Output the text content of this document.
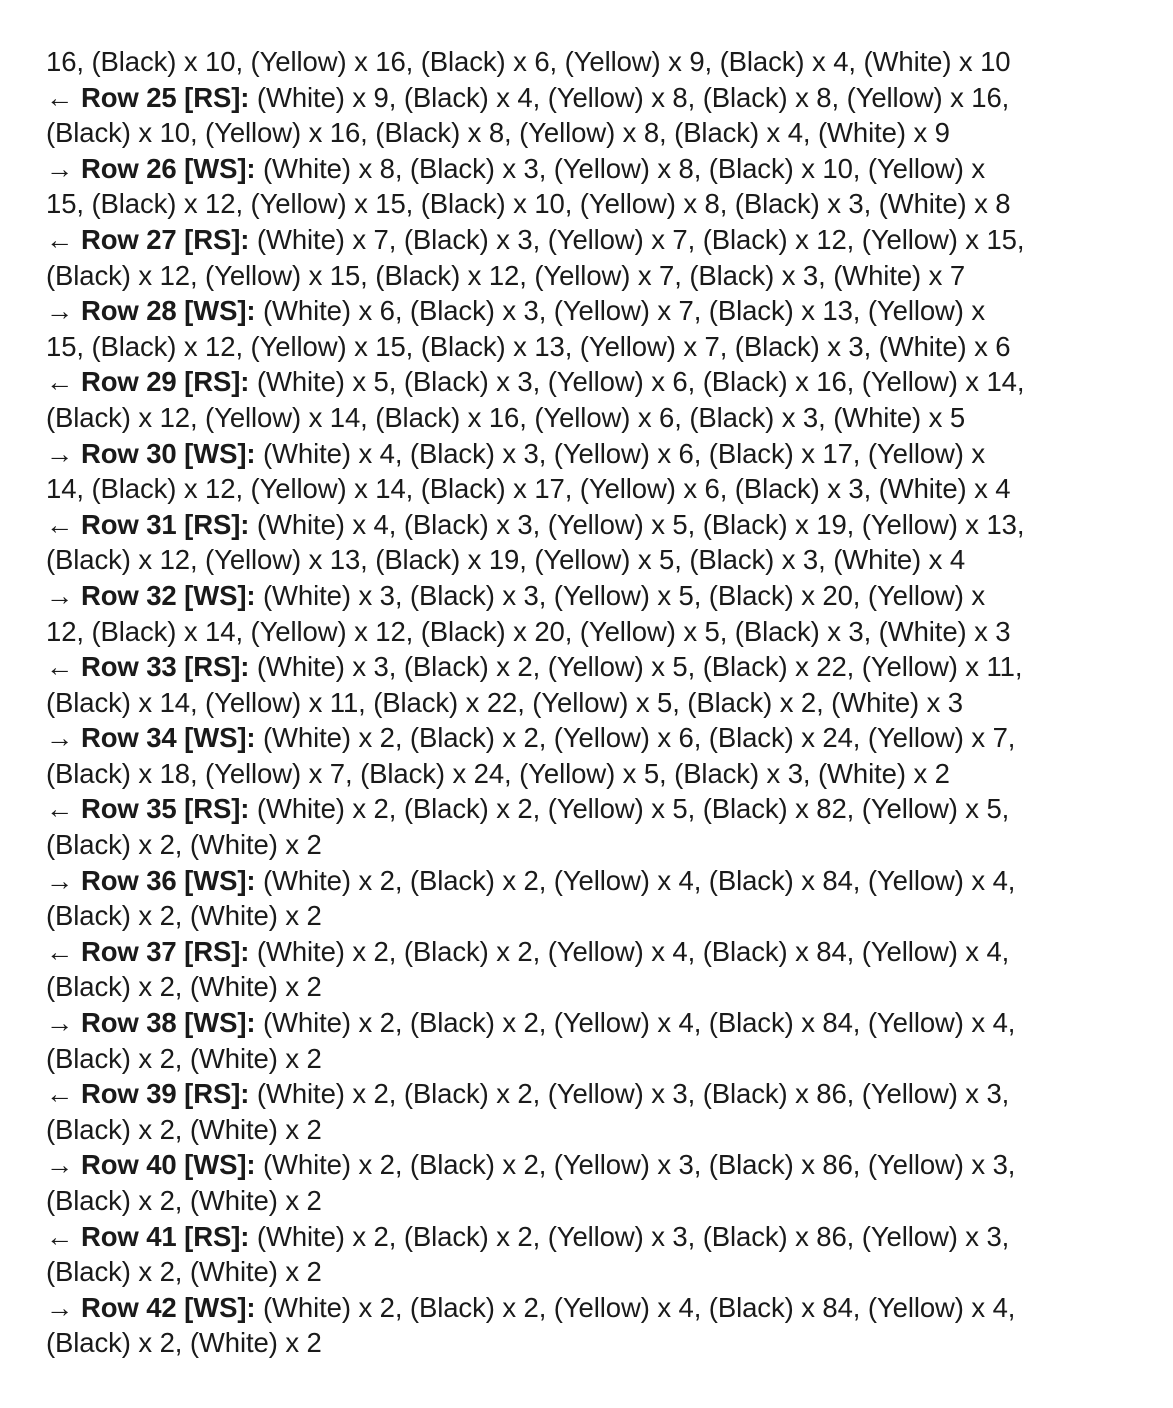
16, (Black) x 10, (Yellow) x 16, (Black) x 6, (Yellow) x 9, (Black) x 4, (White) x 10
← Row 25 [RS]: (White) x 9, (Black) x 4, (Yellow) x 8, (Black) x 8, (Yellow) x 16,
(Black) x 10, (Yellow) x 16, (Black) x 8, (Yellow) x 8, (Black) x 4, (White) x 9
→ Row 26 [WS]: (White) x 8, (Black) x 3, (Yellow) x 8, (Black) x 10, (Yellow) x
15, (Black) x 12, (Yellow) x 15, (Black) x 10, (Yellow) x 8, (Black) x 3, (White) x 8
← Row 27 [RS]: (White) x 7, (Black) x 3, (Yellow) x 7, (Black) x 12, (Yellow) x 15,
(Black) x 12, (Yellow) x 15, (Black) x 12, (Yellow) x 7, (Black) x 3, (White) x 7
→ Row 28 [WS]: (White) x 6, (Black) x 3, (Yellow) x 7, (Black) x 13, (Yellow) x
15, (Black) x 12, (Yellow) x 15, (Black) x 13, (Yellow) x 7, (Black) x 3, (White) x 6
← Row 29 [RS]: (White) x 5, (Black) x 3, (Yellow) x 6, (Black) x 16, (Yellow) x 14,
(Black) x 12, (Yellow) x 14, (Black) x 16, (Yellow) x 6, (Black) x 3, (White) x 5
→ Row 30 [WS]: (White) x 4, (Black) x 3, (Yellow) x 6, (Black) x 17, (Yellow) x
14, (Black) x 12, (Yellow) x 14, (Black) x 17, (Yellow) x 6, (Black) x 3, (White) x 4
← Row 31 [RS]: (White) x 4, (Black) x 3, (Yellow) x 5, (Black) x 19, (Yellow) x 13,
(Black) x 12, (Yellow) x 13, (Black) x 19, (Yellow) x 5, (Black) x 3, (White) x 4
→ Row 32 [WS]: (White) x 3, (Black) x 3, (Yellow) x 5, (Black) x 20, (Yellow) x
12, (Black) x 14, (Yellow) x 12, (Black) x 20, (Yellow) x 5, (Black) x 3, (White) x 3
← Row 33 [RS]: (White) x 3, (Black) x 2, (Yellow) x 5, (Black) x 22, (Yellow) x 11,
(Black) x 14, (Yellow) x 11, (Black) x 22, (Yellow) x 5, (Black) x 2, (White) x 3
→ Row 34 [WS]: (White) x 2, (Black) x 2, (Yellow) x 6, (Black) x 24, (Yellow) x 7,
(Black) x 18, (Yellow) x 7, (Black) x 24, (Yellow) x 5, (Black) x 3, (White) x 2
← Row 35 [RS]: (White) x 2, (Black) x 2, (Yellow) x 5, (Black) x 82, (Yellow) x 5,
(Black) x 2, (White) x 2
→ Row 36 [WS]: (White) x 2, (Black) x 2, (Yellow) x 4, (Black) x 84, (Yellow) x 4,
(Black) x 2, (White) x 2
← Row 37 [RS]: (White) x 2, (Black) x 2, (Yellow) x 4, (Black) x 84, (Yellow) x 4,
(Black) x 2, (White) x 2
→ Row 38 [WS]: (White) x 2, (Black) x 2, (Yellow) x 4, (Black) x 84, (Yellow) x 4,
(Black) x 2, (White) x 2
← Row 39 [RS]: (White) x 2, (Black) x 2, (Yellow) x 3, (Black) x 86, (Yellow) x 3,
(Black) x 2, (White) x 2
→ Row 40 [WS]: (White) x 2, (Black) x 2, (Yellow) x 3, (Black) x 86, (Yellow) x 3,
(Black) x 2, (White) x 2
← Row 41 [RS]: (White) x 2, (Black) x 2, (Yellow) x 3, (Black) x 86, (Yellow) x 3,
(Black) x 2, (White) x 2
→ Row 42 [WS]: (White) x 2, (Black) x 2, (Yellow) x 4, (Black) x 84, (Yellow) x 4,
(Black) x 2, (White) x 2
